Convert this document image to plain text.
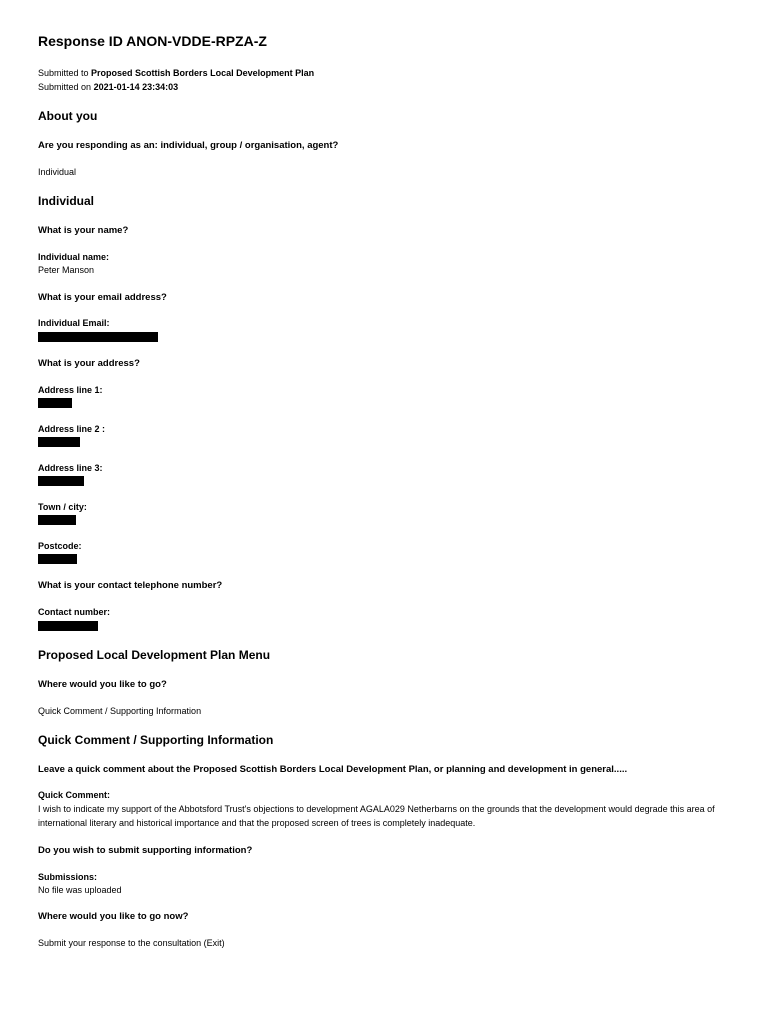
Response ID ANON-VDDE-RPZA-Z
Submitted to Proposed Scottish Borders Local Development Plan
Submitted on 2021-01-14 23:34:03
About you
Are you responding as an: individual, group / organisation, agent?
Individual
Individual
What is your name?
Individual name:
Peter Manson
What is your email address?
Individual Email:
What is your address?
Address line 1:
Address line 2 :
Address line 3:
Town / city:
Postcode:
What is your contact telephone number?
Contact number:
Proposed Local Development Plan Menu
Where would you like to go?
Quick Comment / Supporting Information
Quick Comment / Supporting Information
Leave a quick comment about the Proposed Scottish Borders Local Development Plan, or planning and development in general.....
Quick Comment:
I wish to indicate my support of the Abbotsford Trust's objections to development AGALA029 Netherbarns on the grounds that the development would degrade this area of international literary and historical importance and that the proposed screen of trees is completely inadequate.
Do you wish to submit supporting information?
Submissions:
No file was uploaded
Where would you like to go now?
Submit your response to the consultation (Exit)
